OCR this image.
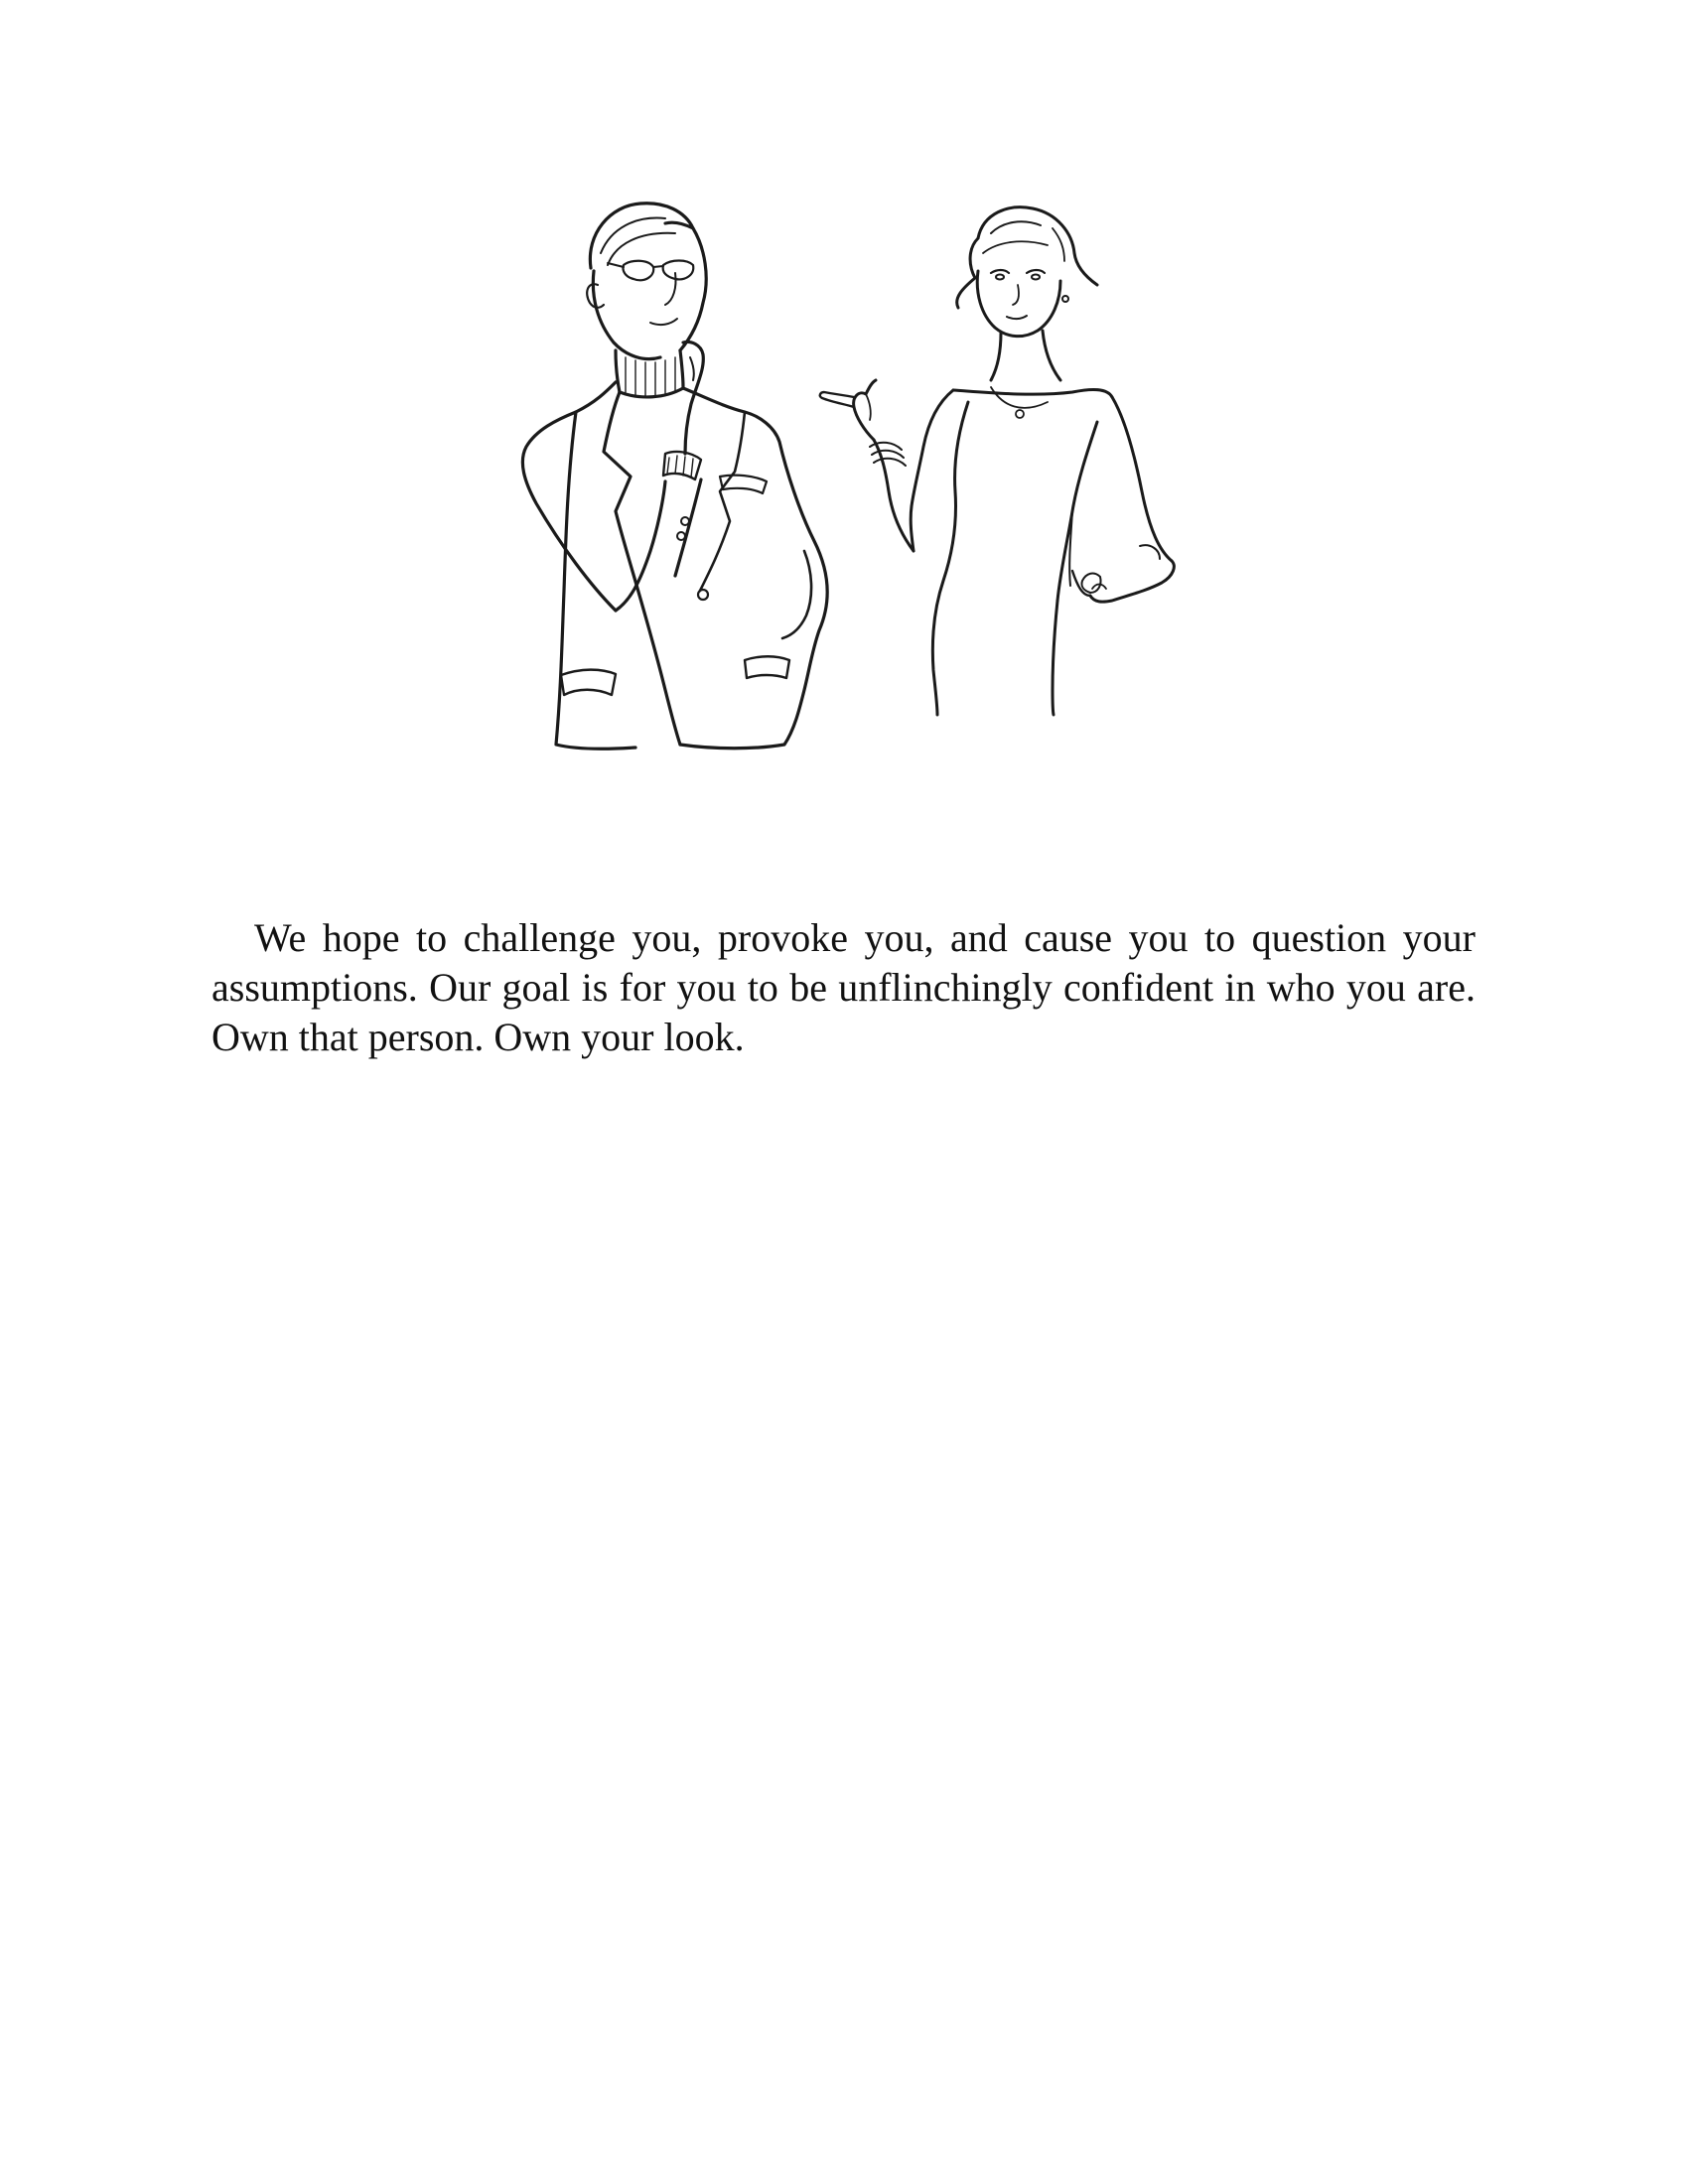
We hope to challenge you, provoke you, and cause you to question your assumptions. Our goal is for you to be unflinchingly confident in who you are. Own that person. Own your look.
